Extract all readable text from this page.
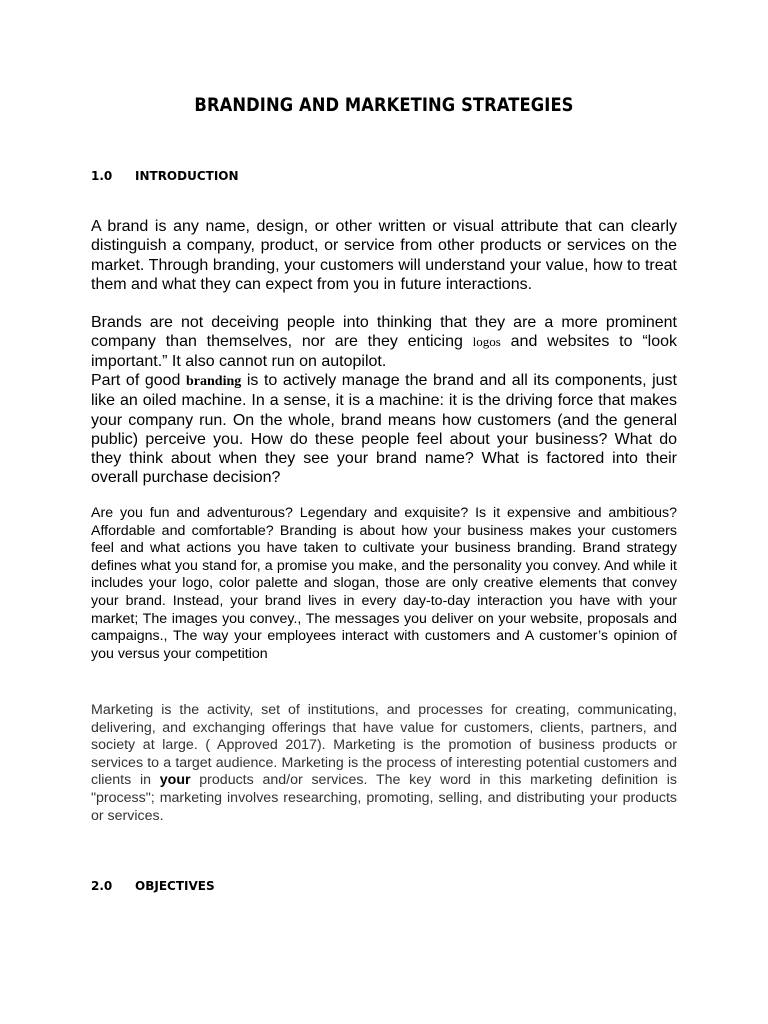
BRANDING AND MARKETING STRATEGIES
1.0 INTRODUCTION

A brand is any name, design, or other written or visual attribute that can clearly distinguish a company, product, or service from other products or services on the market. Through branding, your customers will understand your value, how to treat them and what they can expect from you in future interactions.

Brands are not deceiving people into thinking that they are a more prominent company than themselves, nor are they enticing logos and websites to “look important.” It also cannot run on autopilot.

Part of good branding is to actively manage the brand and all its components, just like an oiled machine. In a sense, it is a machine: it is the driving force that makes your company run. On the whole, brand means how customers (and the general public) perceive you. How do these people feel about your business? What do they think about when they see your brand name? What is factored into their overall purchase decision?

Are you fun and adventurous? Legendary and exquisite? Is it expensive and ambitious? Affordable and comfortable? Branding is about how your business makes your customers feel and what actions you have taken to cultivate your business branding. Brand strategy defines what you stand for, a promise you make, and the personality you convey. And while it includes your logo, color palette and slogan, those are only creative elements that convey your brand. Instead, your brand lives in every day-to-day interaction you have with your market; The images you convey., The messages you deliver on your website, proposals and campaigns., The way your employees interact with customers and A customer’s opinion of you versus your competition

Marketing is the activity, set of institutions, and processes for creating, communicating, delivering, and exchanging offerings that have value for customers, clients, partners, and society at large. ( Approved 2017). Marketing is the promotion of business products or services to a target audience. Marketing is the process of interesting potential customers and clients in your products and/or services. The key word in this marketing definition is "process"; marketing involves researching, promoting, selling, and distributing your products or services.

2.0 OBJECTIVES
